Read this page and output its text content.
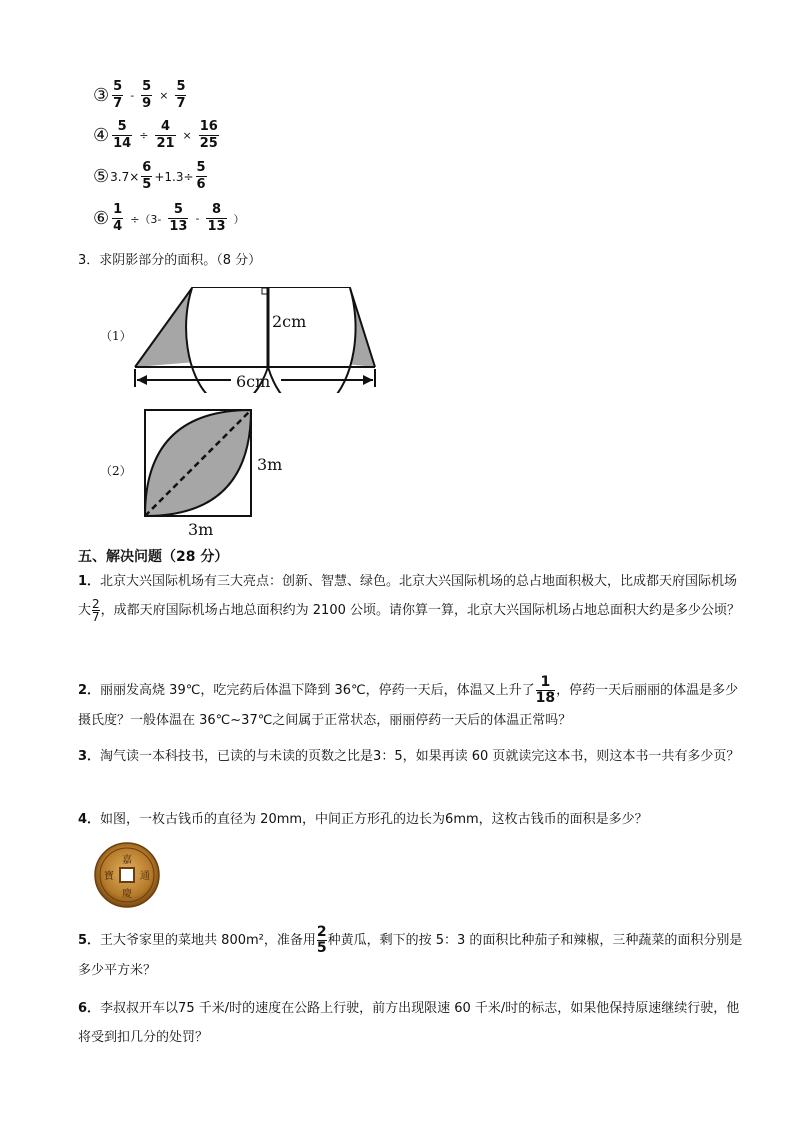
③ $\frac{5}{7} - \frac{5}{9} \times \frac{5}{7}$
④ $\frac{5}{14} \div \frac{4}{21} \times \frac{16}{25}$
⑤ $3.7\times \frac{6}{5} +1.3\div \frac{5}{6}$
⑥ $\frac{1}{4} \div(3- \frac{5}{13} - \frac{8}{13}$ ）
3．求阴影部分的面积。（8 分）
（1）
2cm
6cm
（2）	3m
3m
五、解决问题（28 分）
1．北京大兴国际机场有三大亮点：创新、智慧、绿色。北京大兴国际机场的总占地面积极大，比成都天府国际机场大 $\frac{2}{7}$ ，成都天府国际机场占地总面积约为 2100 公顷。请你算一算，北京大兴国际机场占地总面积大约是多少公顷？
2．丽丽发高烧 39℃，吃完药后体温下降到 36℃，停药一天后，体温又上升了 $\frac{1}{18}$ ，停药一天后丽丽的体温是多少摄氏度？一般体温在 36℃~37℃之间属于正常状态，丽丽停药一天后的体温正常吗？
3．淘气读一本科技书，已读的与未读的页数之比是3：5，如果再读 60 页就读完这本书，则这本书一共有多少页？
4．如图，一枚古钱币的直径为 20mm，中间正方形孔的边长为6mm，这枚古钱币的面积是多少？
嘉
慶
通
寶
5．王大爷家里的菜地共 800m²，准备用 $\frac{2}{5}$ 种黄瓜，剩下的按 5：3 的面积比种茄子和辣椒，三种蔬菜的面积分别是多少平方米？
6．李叔叔开车以75 千米/时的速度在公路上行驶，前方出现限速 60 千米/时的标志，如果他保持原速继续行驶，他将受到扣几分的处罚？
